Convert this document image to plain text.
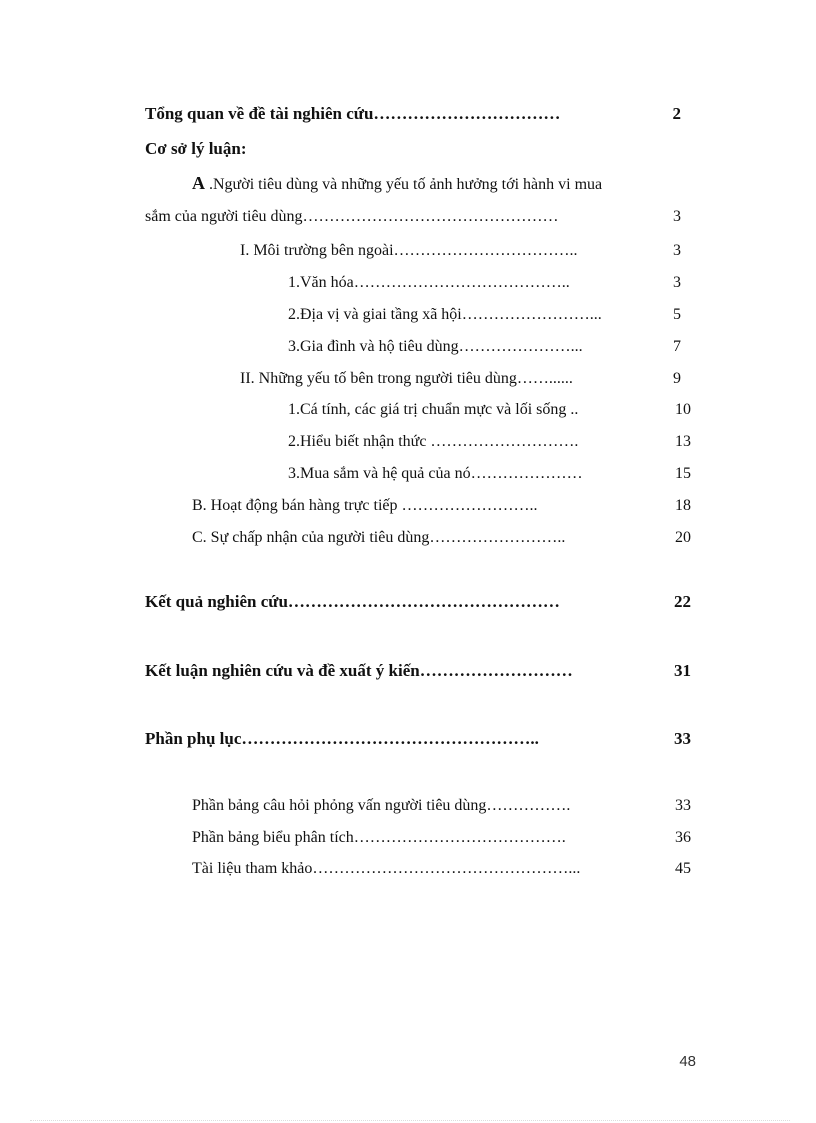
Tổng quan về đề tài nghiên cứu……………………………	2
Cơ sở lý luận:
A .Người tiêu dùng và những yếu tố ảnh hưởng tới hành vi mua
sắm của người tiêu dùng…………………………………………	3
I. Môi trường bên ngoài……………………………..	3
1.Văn hóa…………………………………..	3
2.Địa vị và giai tầng xã hội……………………...	5
3.Gia đình và hộ tiêu dùng…………………...	7
II. Những yếu tố bên trong người tiêu dùng……......	9
1.Cá tính, các giá trị chuẩn mực và lối sống ..	10
2.Hiểu biết nhận thức ……………………….	13
3.Mua sắm và hệ quả của nó…………………	15
B. Hoạt động bán hàng trực tiếp ……………………..	18
C. Sự chấp nhận của người tiêu dùng……………………..	20
Kết quả nghiên cứu…………………………………………	22
Kết luận nghiên cứu và đề xuất ý kiến………………………	31
Phần phụ lục……………………………………………..	33
Phần bảng câu hỏi phỏng vấn người tiêu dùng…………….	33
Phần bảng biểu phân tích………………………………….	36
Tài liệu tham khảo…………………………………………...	45
48
